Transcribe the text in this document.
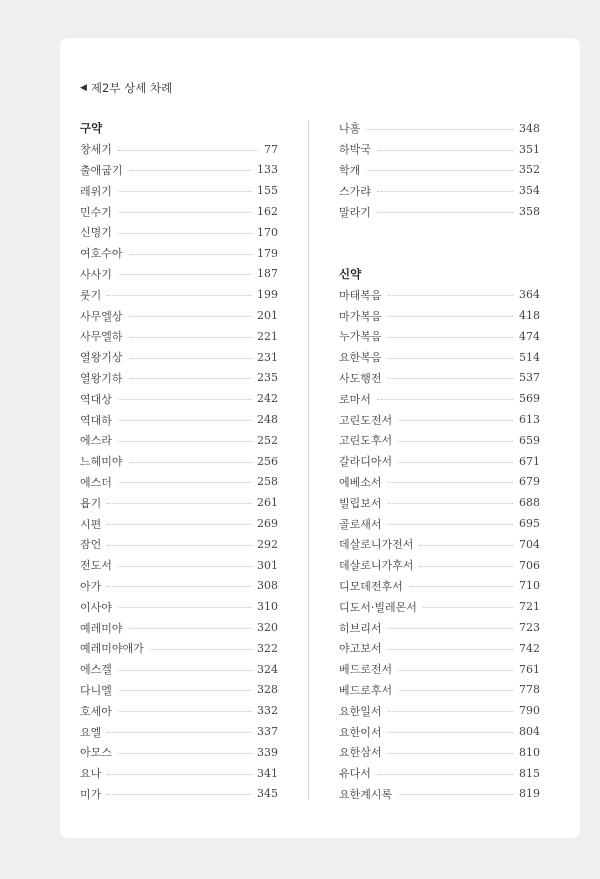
◀ 제2부 상세 차례
구약
창세기	77
출애굽기	133
레위기	155
민수기	162
신명기	170
여호수아	179
사사기	187
룻기	199
사무엘상	201
사무엘하	221
열왕기상	231
열왕기하	235
역대상	242
역대하	248
에스라	252
느헤미야	256
에스더	258
욥기	261
시편	269
잠언	292
전도서	301
아가	308
이사야	310
예레미야	320
예레미야애가	322
에스겔	324
다니엘	328
호세아	332
요엘	337
아모스	339
요나	341
미가	345
나훔	348
하박국	351
학개	352
스가랴	354
말라기	358
신약
마태복음	364
마가복음	418
누가복음	474
요한복음	514
사도행전	537
로마서	569
고린도전서	613
고린도후서	659
갈라디아서	671
에베소서	679
빌립보서	688
골로새서	695
데살로니가전서	704
데살로니가후서	706
디모데전후서	710
디도서·빌레몬서	721
히브리서	723
야고보서	742
베드로전서	761
베드로후서	778
요한일서	790
요한이서	804
요한삼서	810
유다서	815
요한계시록	819
